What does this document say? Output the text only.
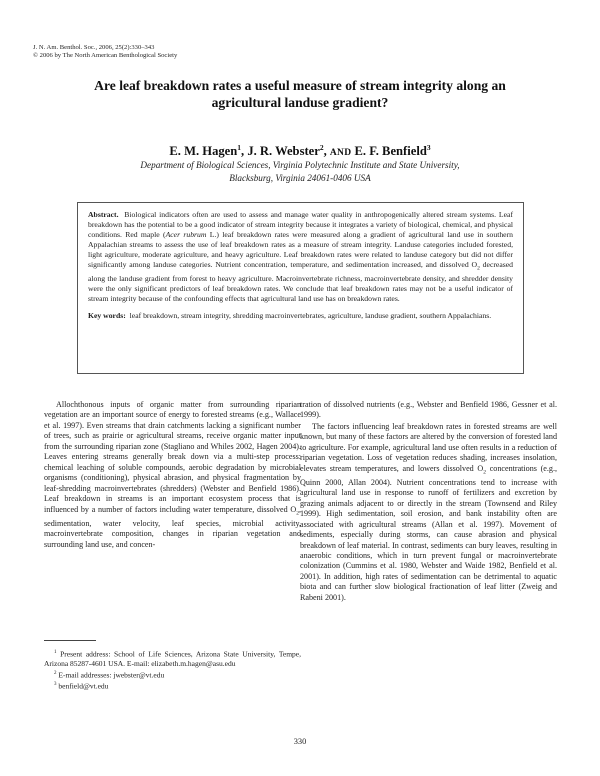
J. N. Am. Benthol. Soc., 2006, 25(2):330–343
© 2006 by The North American Benthological Society
Are leaf breakdown rates a useful measure of stream integrity along an agricultural landuse gradient?
E. M. Hagen$^1$, J. R. Webster$^2$, AND E. F. Benfield$^3$
Department of Biological Sciences, Virginia Polytechnic Institute and State University,
Blacksburg, Virginia 24061-0406 USA

Abstract. Biological indicators often are used to assess and manage water quality in anthropogenically altered stream systems. Leaf breakdown has the potential to be a good indicator of stream integrity because it integrates a variety of biological, chemical, and physical conditions. Red maple (Acer rubrum L.) leaf breakdown rates were measured along a gradient of agricultural land use in southern Appalachian streams to assess the use of leaf breakdown rates as a measure of stream integrity. Landuse categories included forested, light agriculture, moderate agriculture, and heavy agriculture. Leaf breakdown rates were related to landuse category but did not differ significantly among landuse categories. Nutrient concentration, temperature, and sedimentation increased, and dissolved $O_2$ decreased along the landuse gradient from forest to heavy agriculture. Macroinvertebrate richness, macroinvertebrate density, and shredder density were the only significant predictors of leaf breakdown rates. We conclude that leaf breakdown rates may not be a useful indicator of stream integrity because of the confounding effects that agricultural land use has on breakdown rates.

Key words: leaf breakdown, stream integrity, shredding macroinvertebrates, agriculture, landuse gradient, southern Appalachians.

Allochthonous inputs of organic matter from surrounding riparian vegetation are an important source of energy to forested streams (e.g., Wallace et al. 1997). Even streams that drain catchments lacking a significant number of trees, such as prairie or agricultural streams, receive organic matter input from the surrounding riparian zone (Stagliano and Whiles 2002, Hagen 2004). Leaves entering streams generally break down via a multi-step process: chemical leaching of soluble compounds, aerobic degradation by microbial organisms (conditioning), physical abrasion, and physical fragmentation by leaf-shredding macroinvertebrates (shredders) (Webster and Benfield 1986). Leaf breakdown in streams is an important ecosystem process that is influenced by a number of factors including water temperature, dissolved $O_2$, sedimentation, water velocity, leaf species, microbial activity, macroinvertebrate composition, changes in riparian vegetation and surrounding land use, and concen-

tration of dissolved nutrients (e.g., Webster and Benfield 1986, Gessner et al. 1999).

The factors influencing leaf breakdown rates in forested streams are well known, but many of these factors are altered by the conversion of forested land to agriculture. For example, agricultural land use often results in a reduction of riparian vegetation. Loss of vegetation reduces shading, increases insolation, elevates stream temperatures, and lowers dissolved $O_2$ concentrations (e.g., Quinn 2000, Allan 2004). Nutrient concentrations tend to increase with agricultural land use in response to runoff of fertilizers and excretion by grazing animals adjacent to or directly in the stream (Townsend and Riley 1999). High sedimentation, soil erosion, and bank instability often are associated with agricultural streams (Allan et al. 1997). Movement of sediments, especially during storms, can cause abrasion and physical breakdown of leaf material. In contrast, sediments can bury leaves, resulting in anaerobic conditions, which in turn prevent fungal or macroinvertebrate colonization (Cummins et al. 1980, Webster and Waide 1982, Benfield et al. 2001). In addition, high rates of sedimentation can be detrimental to aquatic biota and can further slow biological fractionation of leaf litter (Zweig and Rabeni 2001).

$^1$ Present address: School of Life Sciences, Arizona State University, Tempe, Arizona 85287-4601 USA. E-mail: elizabeth.m.hagen@asu.edu

$^2$ E-mail addresses: jwebster@vt.edu

$^3$ benfield@vt.edu

330
